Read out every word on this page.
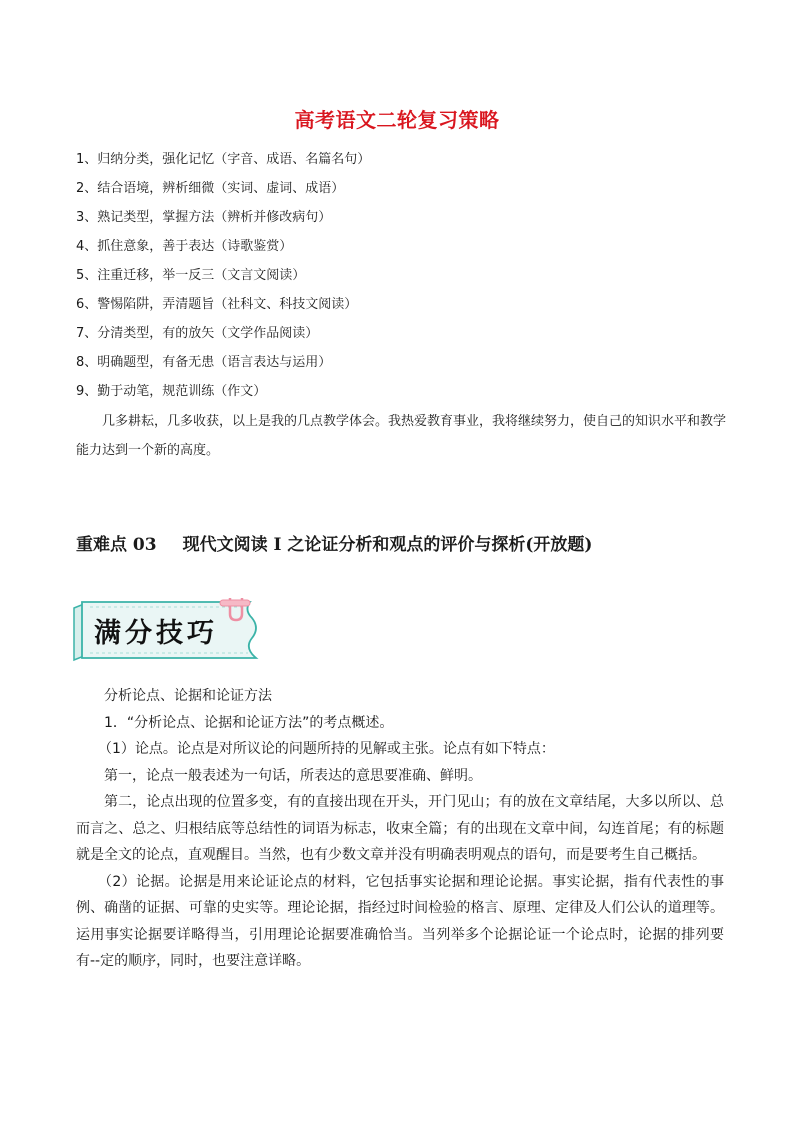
高考语文二轮复习策略
1、归纳分类，强化记忆（字音、成语、名篇名句）
2、结合语境，辨析细微（实词、虚词、成语）
3、熟记类型，掌握方法（辨析并修改病句）
4、抓住意象，善于表达（诗歌鉴赏）
5、注重迁移，举一反三（文言文阅读）
6、警惕陷阱，弄清题旨（社科文、科技文阅读）
7、分清类型，有的放矢（文学作品阅读）
8、明确题型，有备无患（语言表达与运用）
9、勤于动笔，规范训练（作文）

几多耕耘，几多收获，以上是我的几点教学体会。我热爱教育事业，我将继续努力，使自己的知识水平和教学能力达到一个新的高度。

重难点 03 现代文阅读 I 之论证分析和观点的评价与探析(开放题)
满分技巧

分析论点、论据和论证方法

1．“分析论点、论据和论证方法”的考点概述。

（1）论点。论点是对所议论的问题所持的见解或主张。论点有如下特点：

第一，论点一般表述为一句话，所表达的意思要准确、鲜明。

第二，论点出现的位置多变，有的直接出现在开头，开门见山；有的放在文章结尾，大多以所以、总而言之、总之、归根结底等总结性的词语为标志，收束全篇；有的出现在文章中间，勾连首尾；有的标题就是全文的论点，直观醒目。当然，也有少数文章并没有明确表明观点的语句，而是要考生自己概括。

（2）论据。论据是用来论证论点的材料，它包括事实论据和理论论据。事实论据，指有代表性的事例、确凿的证据、可靠的史实等。理论论据，指经过时间检验的格言、原理、定律及人们公认的道理等。运用事实论据要详略得当，引用理论论据要准确恰当。当列举多个论据论证一个论点时，论据的排列要有--定的顺序，同时，也要注意详略。
